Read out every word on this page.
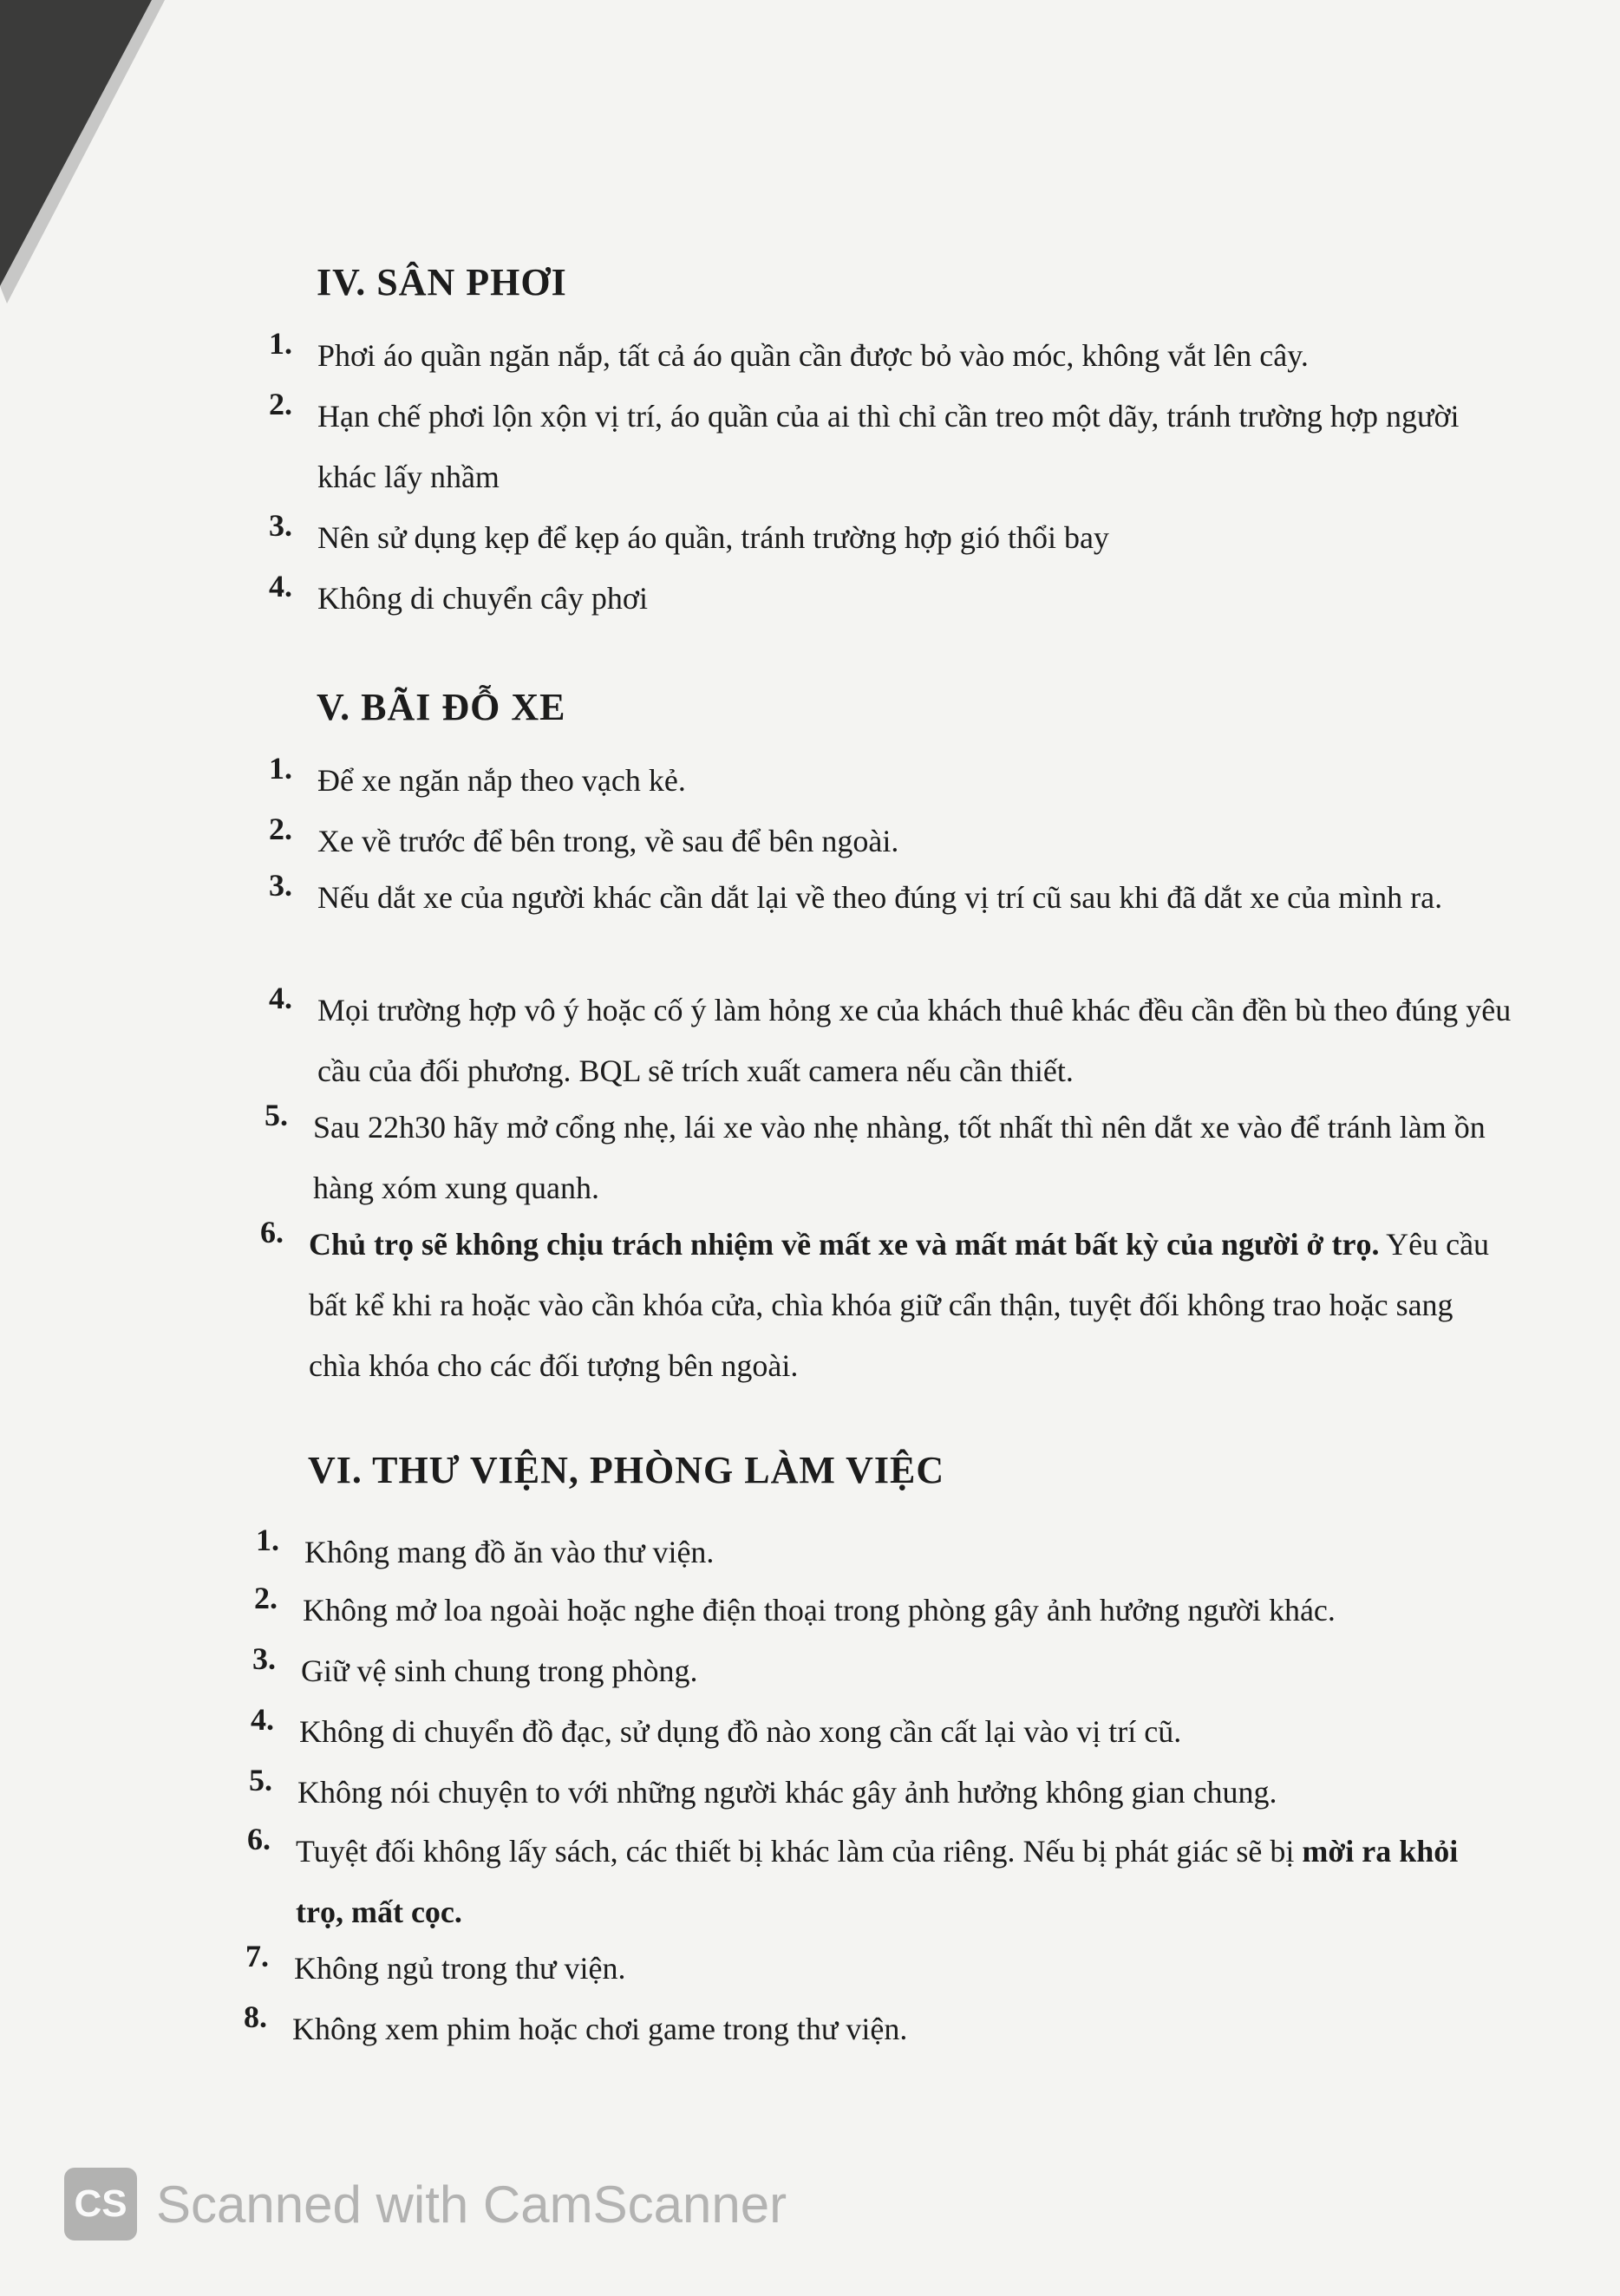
IV. SÂN PHƠI
1. Phơi áo quần ngăn nắp, tất cả áo quần cần được bỏ vào móc, không vắt lên cây.
2. Hạn chế phơi lộn xộn vị trí, áo quần của ai thì chỉ cần treo một dãy, tránh trường hợp người khác lấy nhầm
3. Nên sử dụng kẹp để kẹp áo quần, tránh trường hợp gió thổi bay
4. Không di chuyển cây phơi
V. BÃI ĐỖ XE
1. Để xe ngăn nắp theo vạch kẻ.
2. Xe về trước để bên trong, về sau để bên ngoài.
3. Nếu dắt xe của người khác cần dắt lại về theo đúng vị trí cũ sau khi đã dắt xe của mình ra.
4. Mọi trường hợp vô ý hoặc cố ý làm hỏng xe của khách thuê khác đều cần đền bù theo đúng yêu cầu của đối phương. BQL sẽ trích xuất camera nếu cần thiết.
5. Sau 22h30 hãy mở cổng nhẹ, lái xe vào nhẹ nhàng, tốt nhất thì nên dắt xe vào để tránh làm ồn hàng xóm xung quanh.
6. Chủ trọ sẽ không chịu trách nhiệm về mất xe và mất mát bất kỳ của người ở trọ. Yêu cầu bất kể khi ra hoặc vào cần khóa cửa, chìa khóa giữ cẩn thận, tuyệt đối không trao hoặc sang chìa khóa cho các đối tượng bên ngoài.
VI. THƯ VIỆN, PHÒNG LÀM VIỆC
1. Không mang đồ ăn vào thư viện.
2. Không mở loa ngoài hoặc nghe điện thoại trong phòng gây ảnh hưởng người khác.
3. Giữ vệ sinh chung trong phòng.
4. Không di chuyển đồ đạc, sử dụng đồ nào xong cần cất lại vào vị trí cũ.
5. Không nói chuyện to với những người khác gây ảnh hưởng không gian chung.
6. Tuyệt đối không lấy sách, các thiết bị khác làm của riêng. Nếu bị phát giác sẽ bị mời ra khỏi trọ, mất cọc.
7. Không ngủ trong thư viện.
8. Không xem phim hoặc chơi game trong thư viện.
CS Scanned with CamScanner
